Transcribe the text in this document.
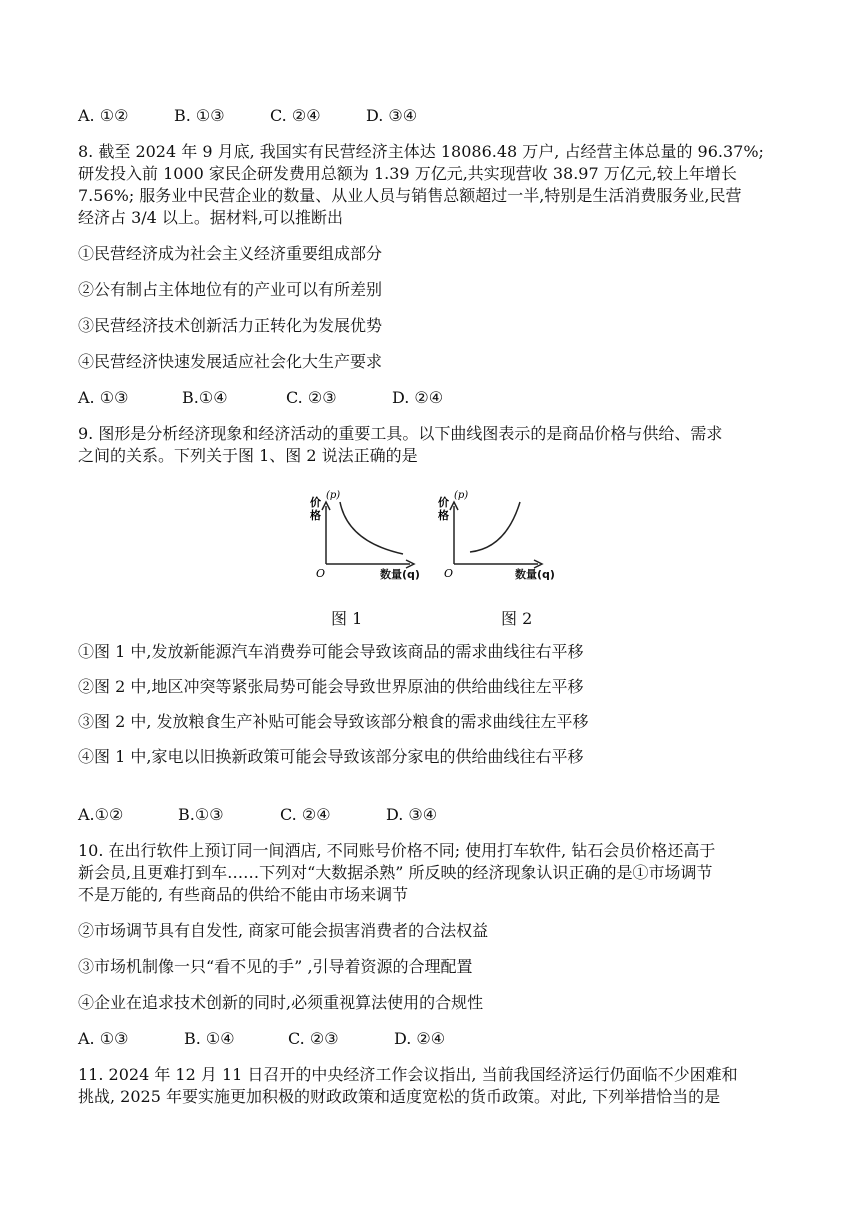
A. ①②	B. ①③	C. ②④	D. ③④
8. 截至 2024 年 9 月底, 我国实有民营经济主体达 18086.48 万户, 占经营主体总量的 96.37%;
研发投入前 1000 家民企研发费用总额为 1.39 万亿元,共实现营收 38.97 万亿元,较上年增长
7.56%; 服务业中民营企业的数量、从业人员与销售总额超过一半,特别是生活消费服务业,民营
经济占 3/4 以上。据材料,可以推断出
①民营经济成为社会主义经济重要组成部分
②公有制占主体地位有的产业可以有所差别
③民营经济技术创新活力正转化为发展优势
④民营经济快速发展适应社会化大生产要求
A. ①③	B.①④	C. ②③	D. ②④
9. 图形是分析经济现象和经济活动的重要工具。以下曲线图表示的是商品价格与供给、需求
之间的关系。下列关于图 1、图 2 说法正确的是
(p)
价
格
O	数量(q)
(p)
价
格
O	数量(q)
图 1	图 2
①图 1 中,发放新能源汽车消费券可能会导致该商品的需求曲线往右平移
②图 2 中,地区冲突等紧张局势可能会导致世界原油的供给曲线往左平移
③图 2 中, 发放粮食生产补贴可能会导致该部分粮食的需求曲线往左平移
④图 1 中,家电以旧换新政策可能会导致该部分家电的供给曲线往右平移
A.①②	B.①③	C. ②④	D. ③④
10. 在出行软件上预订同一间酒店, 不同账号价格不同; 使用打车软件, 钻石会员价格还高于
新会员,且更难打到车……下列对“大数据杀熟” 所反映的经济现象认识正确的是①市场调节
不是万能的, 有些商品的供给不能由市场来调节
②市场调节具有自发性, 商家可能会损害消费者的合法权益
③市场机制像一只“看不见的手” ,引导着资源的合理配置
④企业在追求技术创新的同时,必须重视算法使用的合规性
A. ①③	B. ①④	C. ②③	D. ②④
11. 2024 年 12 月 11 日召开的中央经济工作会议指出, 当前我国经济运行仍面临不少困难和
挑战, 2025 年要实施更加积极的财政政策和适度宽松的货币政策。对此, 下列举措恰当的是
